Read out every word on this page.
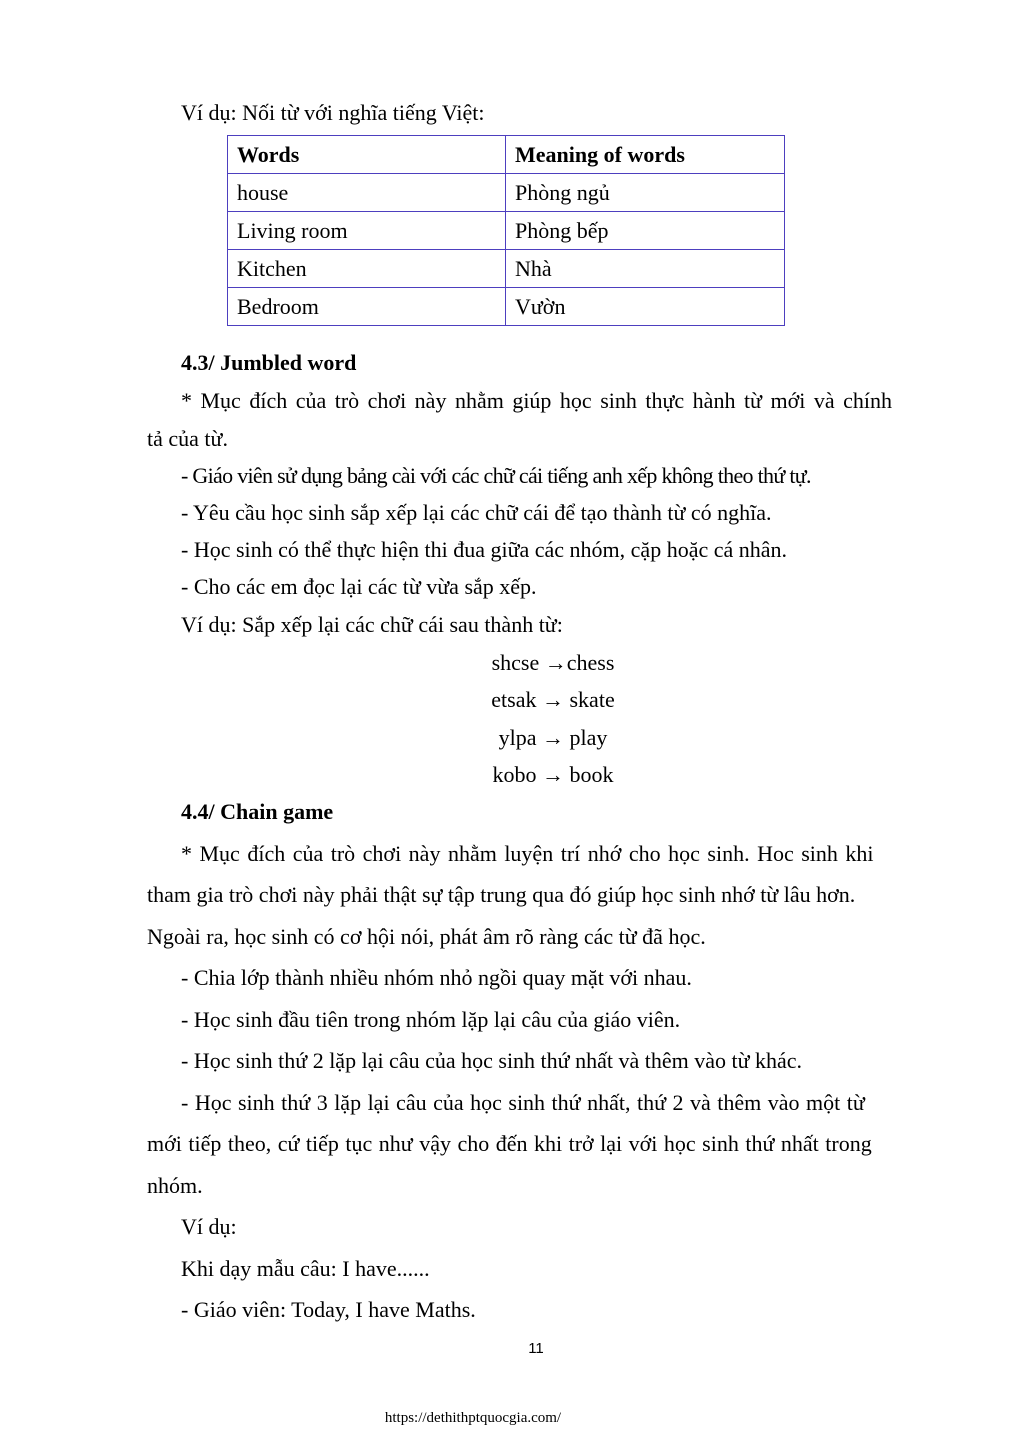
Ví dụ: Nối từ với nghĩa tiếng Việt:
Words	Meaning of words
house	Phòng ngủ
Living room	Phòng bếp
Kitchen	Nhà
Bedroom	Vườn
4.3/ Jumbled word
* Mục đích của trò chơi này nhằm giúp học sinh thực hành từ mới và chính
tả của từ.
- Giáo viên sử dụng bảng cài với các chữ cái tiếng anh xếp không theo thứ tự.
- Yêu cầu học sinh sắp xếp lại các chữ cái để tạo thành từ có nghĩa.
- Học sinh có thể thực hiện thi đua giữa các nhóm, cặp hoặc cá nhân.
- Cho các em đọc lại các từ vừa sắp xếp.
Ví dụ: Sắp xếp lại các chữ cái sau thành từ:
shcse →chess
etsak → skate
ylpa → play
kobo → book
4.4/ Chain game
* Mục đích của trò chơi này nhằm luyện trí nhớ cho học sinh. Hoc sinh khi
tham gia trò chơi này phải thật sự tập trung qua đó giúp học sinh nhớ từ lâu hơn.
Ngoài ra, học sinh có cơ hội nói, phát âm rõ ràng các từ đã học.
- Chia lớp thành nhiều nhóm nhỏ ngồi quay mặt với nhau.
- Học sinh đầu tiên trong nhóm lặp lại câu của giáo viên.
- Học sinh thứ 2 lặp lại câu của học sinh thứ nhất và thêm vào từ khác.
- Học sinh thứ 3 lặp lại câu của học sinh thứ nhất, thứ 2 và thêm vào một từ
mới tiếp theo, cứ tiếp tục như vậy cho đến khi trở lại với học sinh thứ nhất trong
nhóm.
Ví dụ:
Khi dạy mẫu câu: I have......
- Giáo viên: Today, I have Maths.
11
https://dethithptquocgia.com/
